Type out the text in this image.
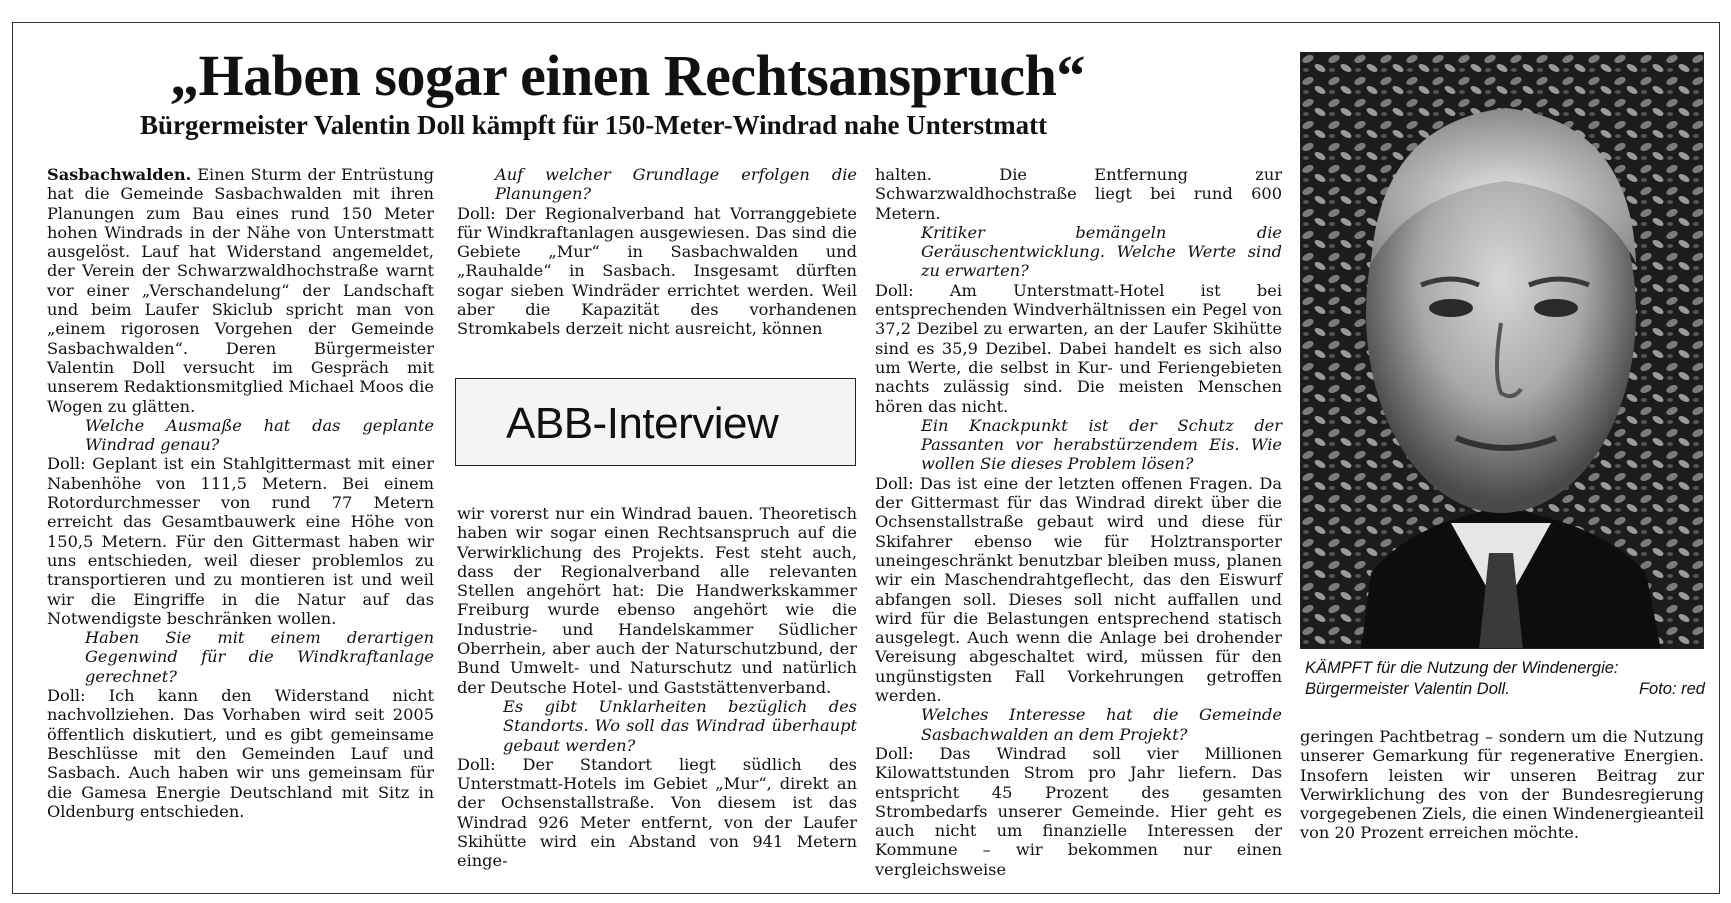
„Haben sogar einen Rechtsanspruch“
Bürgermeister Valentin Doll kämpft für 150-Meter-Windrad nahe Unterstmatt

Sasbachwalden. Einen Sturm der Entrüstung hat die Gemeinde Sasbachwalden mit ihren Planungen zum Bau eines rund 150 Meter hohen Windrads in der Nähe von Unterstmatt ausgelöst. Lauf hat Widerstand angemeldet, der Verein der Schwarzwaldhochstraße warnt vor einer „Verschandelung“ der Landschaft und beim Laufer Skiclub spricht man von „einem rigorosen Vorgehen der Gemeinde Sasbachwalden“. Deren Bürgermeister Valentin Doll versucht im Gespräch mit unserem Redaktionsmitglied Michael Moos die Wogen zu glätten.

Welche Ausmaße hat das geplante Windrad genau?

Doll: Geplant ist ein Stahlgittermast mit einer Nabenhöhe von 111,5 Metern. Bei einem Rotordurchmesser von rund 77 Metern erreicht das Gesamtbauwerk eine Höhe von 150,5 Metern. Für den Gittermast haben wir uns entschieden, weil dieser problemlos zu transportieren und zu montieren ist und weil wir die Eingriffe in die Natur auf das Notwendigste beschränken wollen.

Haben Sie mit einem derartigen Gegenwind für die Windkraftanlage gerechnet?

Doll: Ich kann den Widerstand nicht nachvollziehen. Das Vorhaben wird seit 2005 öffentlich diskutiert, und es gibt gemeinsame Beschlüsse mit den Gemeinden Lauf und Sasbach. Auch haben wir uns gemeinsam für die Gamesa Energie Deutschland mit Sitz in Oldenburg entschieden.

Auf welcher Grundlage erfolgen die Planungen?

Doll: Der Regionalverband hat Vorranggebiete für Windkraftanlagen ausgewiesen. Das sind die Gebiete „Mur“ in Sasbachwalden und „Rauhalde“ in Sasbach. Insgesamt dürften sogar sieben Windräder errichtet werden. Weil aber die Kapazität des vorhandenen Stromkabels derzeit nicht ausreicht, können

ABB-Interview

wir vorerst nur ein Windrad bauen. Theoretisch haben wir sogar einen Rechtsanspruch auf die Verwirklichung des Projekts. Fest steht auch, dass der Regionalverband alle relevanten Stellen angehört hat: Die Handwerkskammer Freiburg wurde ebenso angehört wie die Industrie- und Handelskammer Südlicher Oberrhein, aber auch der Naturschutzbund, der Bund Umwelt- und Naturschutz und natürlich der Deutsche Hotel- und Gaststättenverband.

Es gibt Unklarheiten bezüglich des Standorts. Wo soll das Windrad überhaupt gebaut werden?

Doll: Der Standort liegt südlich des Unterstmatt-Hotels im Gebiet „Mur“, direkt an der Ochsenstallstraße. Von diesem ist das Windrad 926 Meter entfernt, von der Laufer Skihütte wird ein Abstand von 941 Metern einge-

halten. Die Entfernung zur Schwarzwaldhochstraße liegt bei rund 600 Metern.

Kritiker bemängeln die Geräuschentwicklung. Welche Werte sind zu erwarten?

Doll: Am Unterstmatt-Hotel ist bei entsprechenden Windverhältnissen ein Pegel von 37,2 Dezibel zu erwarten, an der Laufer Skihütte sind es 35,9 Dezibel. Dabei handelt es sich also um Werte, die selbst in Kur- und Feriengebieten nachts zulässig sind. Die meisten Menschen hören das nicht.

Ein Knackpunkt ist der Schutz der Passanten vor herabstürzendem Eis. Wie wollen Sie dieses Problem lösen?

Doll: Das ist eine der letzten offenen Fragen. Da der Gittermast für das Windrad direkt über die Ochsenstallstraße gebaut wird und diese für Skifahrer ebenso wie für Holztransporter uneingeschränkt benutzbar bleiben muss, planen wir ein Maschendrahtgeflecht, das den Eiswurf abfangen soll. Dieses soll nicht auffallen und wird für die Belastungen entsprechend statisch ausgelegt. Auch wenn die Anlage bei drohender Vereisung abgeschaltet wird, müssen für den ungünstigsten Fall Vorkehrungen getroffen werden.

Welches Interesse hat die Gemeinde Sasbachwalden an dem Projekt?

Doll: Das Windrad soll vier Millionen Kilowattstunden Strom pro Jahr liefern. Das entspricht 45 Prozent des gesamten Strombedarfs unserer Gemeinde. Hier geht es auch nicht um finanzielle Interessen der Kommune – wir bekommen nur einen vergleichsweise

KÄMPFT für die Nutzung der Windenergie:
Bürgermeister Valentin Doll.	Foto: red

geringen Pachtbetrag – sondern um die Nutzung unserer Gemarkung für regenerative Energien. Insofern leisten wir unseren Beitrag zur Verwirklichung des von der Bundesregierung vorgegebenen Ziels, die einen Windenergieanteil von 20 Prozent erreichen möchte.
